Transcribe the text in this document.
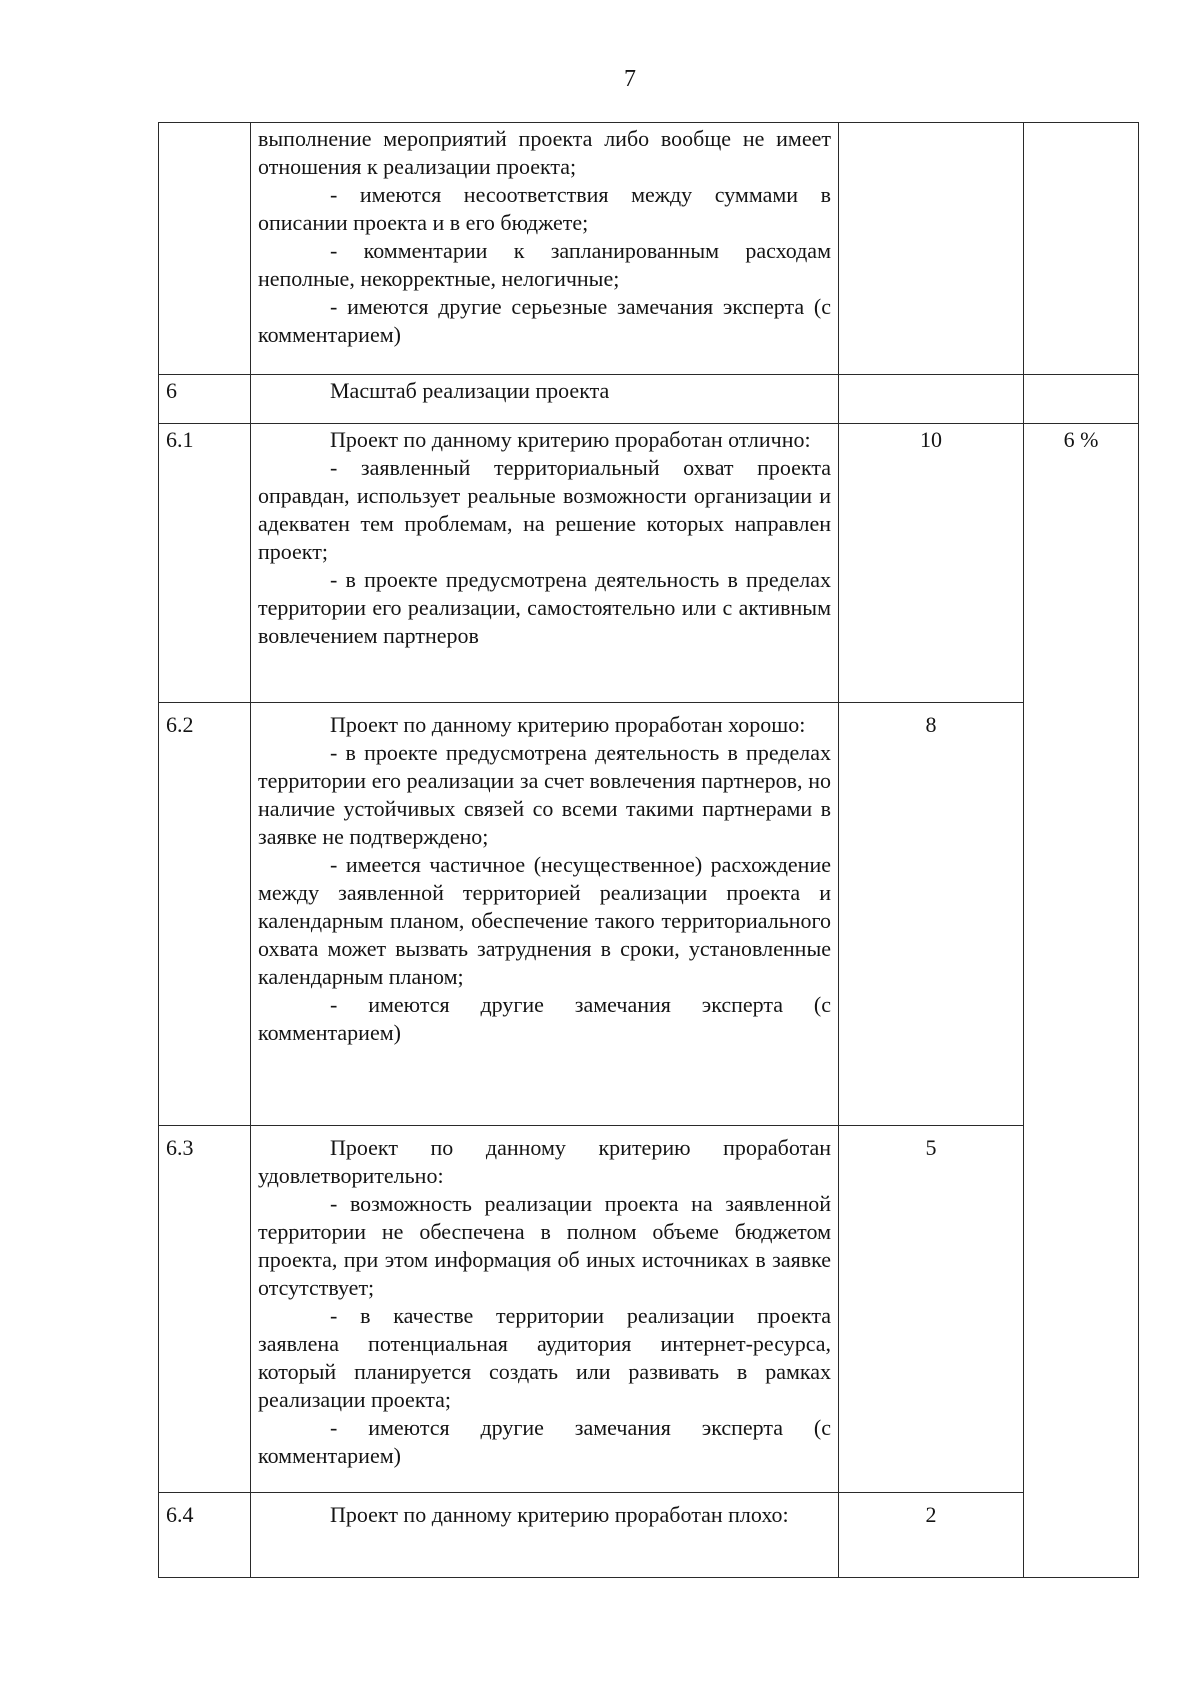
7

	выполнение мероприятий проекта либо вообще не имеет отношения к реализации проекта;

- имеются несоответствия между суммами в описании проекта и в его бюджете;

- комментарии к запланированным расходам неполные, некорректные, нелогичные;

- имеются другие серьезные замечания эксперта (с комментарием)		

6	Масштаб реализации проекта		

6.1	Проект по данному критерию проработан отлично:

- заявленный территориальный охват проекта оправдан, использует реальные возможности организации и адекватен тем проблемам, на решение которых направлен проект;

- в проекте предусмотрена деятельность в пределах территории его реализации, самостоятельно или с активным вовлечением партнеров	10	6 %
6.2	Проект по данному критерию проработан хорошо:

- в проекте предусмотрена деятельность в пределах территории его реализации за счет вовлечения партнеров, но наличие устойчивых связей со всеми такими партнерами в заявке не подтверждено;

- имеется частичное (несущественное) расхождение между заявленной территорией реализации проекта и календарным планом, обеспечение такого территориального охвата может вызвать затруднения в сроки, установленные календарным планом;

- имеются другие замечания эксперта (с комментарием)	8	
6.3	Проект по данному критерию проработан удовлетворительно:

- возможность реализации проекта на заявленной территории не обеспечена в полном объеме бюджетом проекта, при этом информация об иных источниках в заявке отсутствует;

- в качестве территории реализации проекта заявлена потенциальная аудитория интернет-ресурса, который планируется создать или развивать в рамках реализации проекта;

- имеются другие замечания эксперта (с комментарием)	5	
6.4	Проект по данному критерию проработан плохо:	2	
